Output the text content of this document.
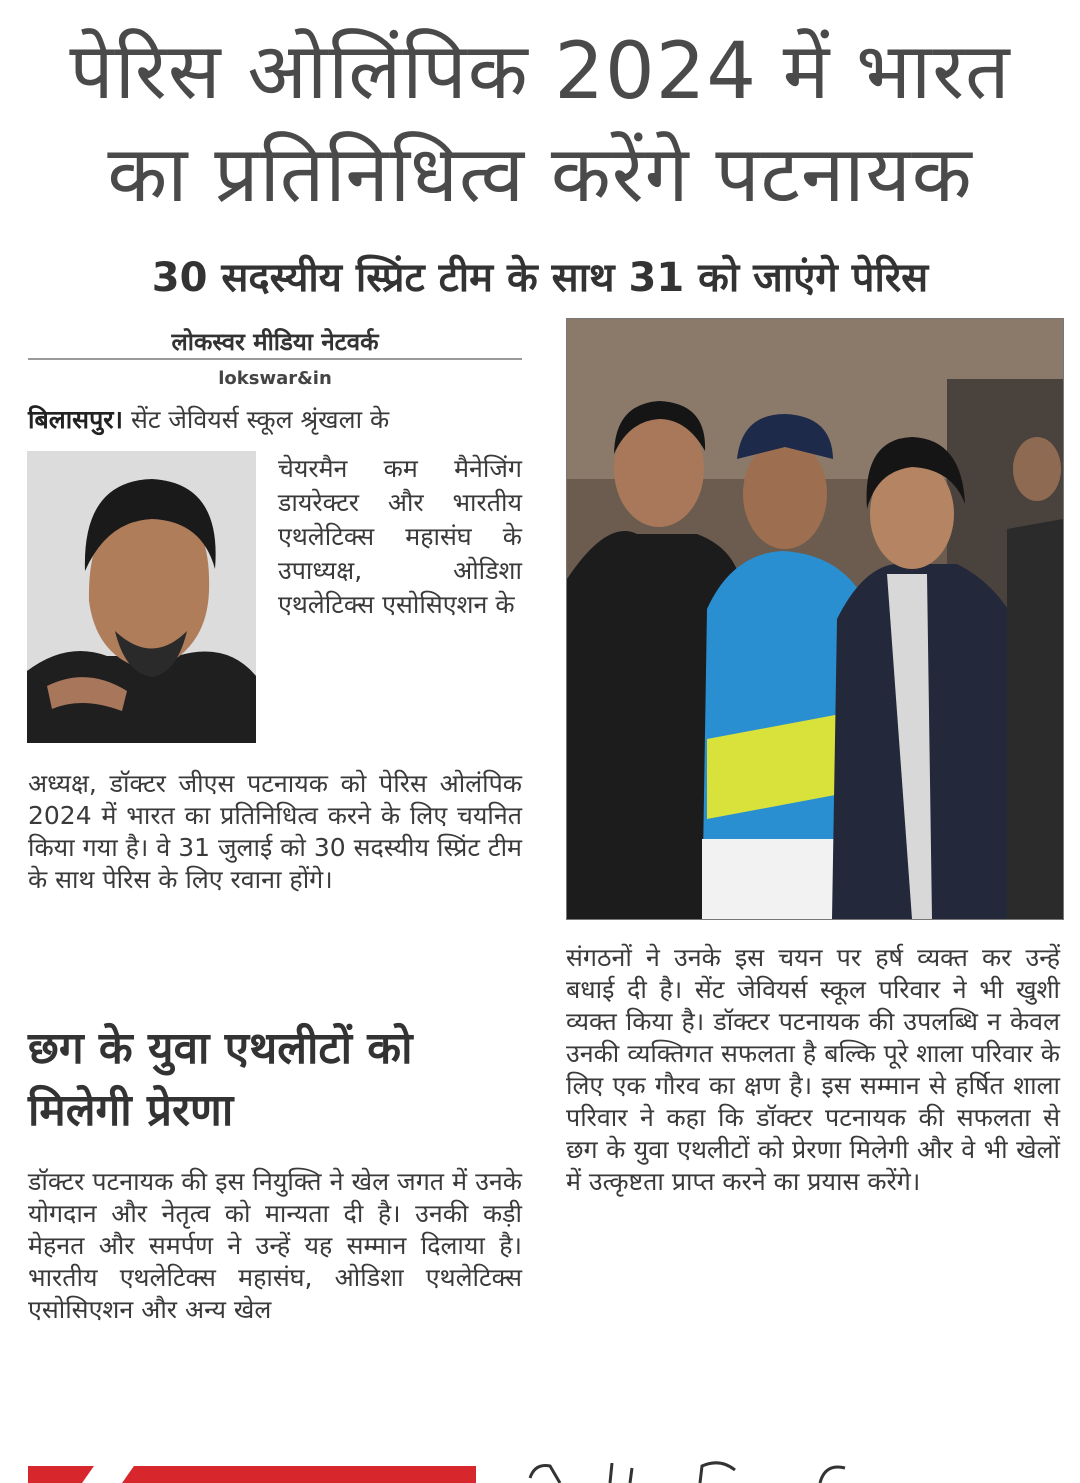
पेरिस ओलिंपिक 2024 में भारत
का प्रतिनिधित्व करेंगे पटनायक
30 सदस्यीय स्प्रिंट टीम के साथ 31 को जाएंगे पेरिस
लोकस्वर मीडिया नेटवर्क
lokswar&in

बिलासपुर। सेंट जेवियर्स स्कूल श्रृंखला के

चेयरमैन कम मैनेजिंग डायरेक्टर और भारतीय एथलेटिक्स महासंघ के उपाध्यक्ष, ओडिशा एथलेटिक्स एसोसिएशन के
अध्यक्ष, डॉक्टर जीएस पटनायक को पेरिस ओलंपिक 2024 में भारत का प्रतिनिधित्व करने के लिए चयनित किया गया है। वे 31 जुलाई को 30 सदस्यीय स्प्रिंट टीम के साथ पेरिस के लिए रवाना होंगे।
छग के युवा एथलीटों को मिलेगी प्रेरणा
डॉक्टर पटनायक की इस नियुक्ति ने खेल जगत में उनके योगदान और नेतृत्व को मान्यता दी है। उनकी कड़ी मेहनत और समर्पण ने उन्हें यह सम्मान दिलाया है। भारतीय एथलेटिक्स महासंघ, ओडिशा एथलेटिक्स एसोसिएशन और अन्य खेल
संगठनों ने उनके इस चयन पर हर्ष व्यक्त कर उन्हें बधाई दी है। सेंट जेवियर्स स्कूल परिवार ने भी खुशी व्यक्त किया है। डॉक्टर पटनायक की उपलब्धि न केवल उनकी व्यक्तिगत सफलता है बल्कि पूरे शाला परिवार के लिए एक गौरव का क्षण है। इस सम्मान से हर्षित शाला परिवार ने कहा कि डॉक्टर पटनायक की सफलता से छग के युवा एथलीटों को प्रेरणा मिलेगी और वे भी खेलों में उत्कृष्टता प्राप्त करने का प्रयास करेंगे।
